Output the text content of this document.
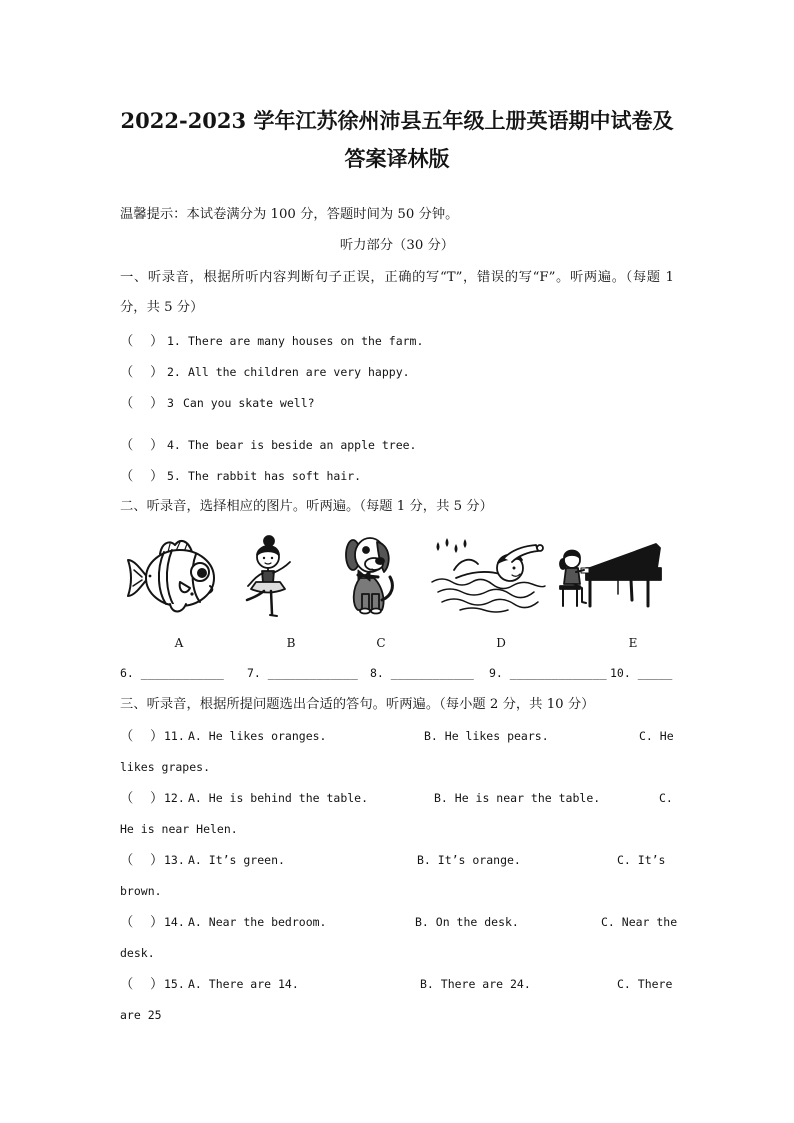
2022-2023 学年江苏徐州沛县五年级上册英语期中试卷及答案译林版
温馨提示：本试卷满分为 100 分，答题时间为 50 分钟。
听力部分（30 分）
一、听录音，根据所听内容判断句子正误，正确的写“T”，错误的写“F”。听两遍。（每题 1 分，共 5 分）
（ ） 1. There are many houses on the farm.
（ ） 2. All the children are very happy.
（ ） 3 Can you skate well?
（ ） 4. The bear is beside an apple tree.
（ ） 5. The rabbit has soft hair.
二、听录音，选择相应的图片。听两遍。（每题 1 分，共 5 分）
A	B	C	D	E
6. ____________ 7. _____________ 8. ____________ 9. ______________ 10. _____
三、听录音，根据所提问题选出合适的答句。听两遍。（每小题 2 分，共 10 分）
（ ）11. A. He likes oranges.	B. He likes pears.	C. He likes grapes.
（ ）12. A. He is behind the table.	B. He is near the table.	C. He is near Helen.
（ ）13. A. It’s green.	B. It’s orange.	C. It’s brown.
（ ）14. A. Near the bedroom.	B. On the desk.	C. Near the desk.
（ ）15. A. There are 14.	B. There are 24.	C. There are 25
